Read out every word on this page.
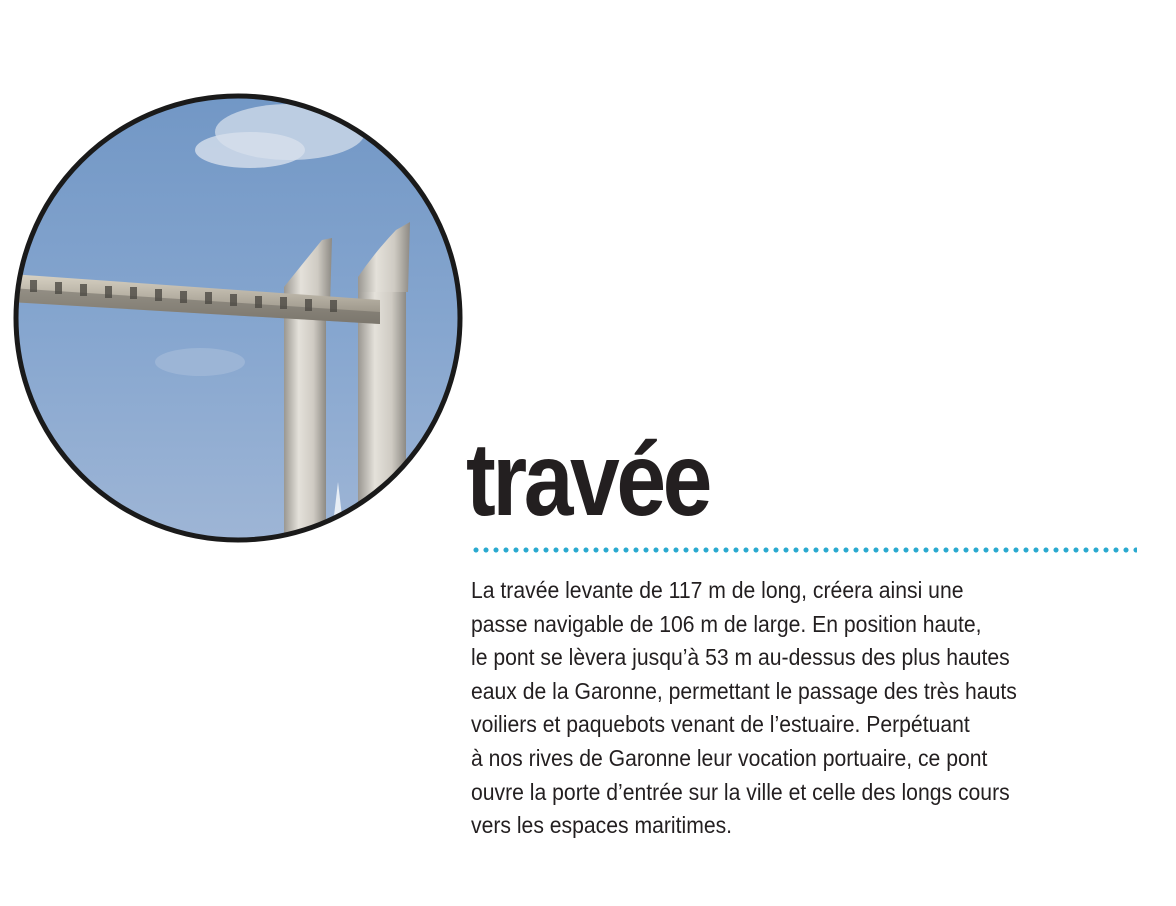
travée

La travée levante de 117 m de long, créera ainsi une
passe navigable de 106 m de large. En position haute,
le pont se lèvera jusqu’à 53 m au-dessus des plus hautes
eaux de la Garonne, permettant le passage des très hauts
voiliers et paquebots venant de l’estuaire. Perpétuant
à nos rives de Garonne leur vocation portuaire, ce pont
ouvre la porte d’entrée sur la ville et celle des longs cours
vers les espaces maritimes.
